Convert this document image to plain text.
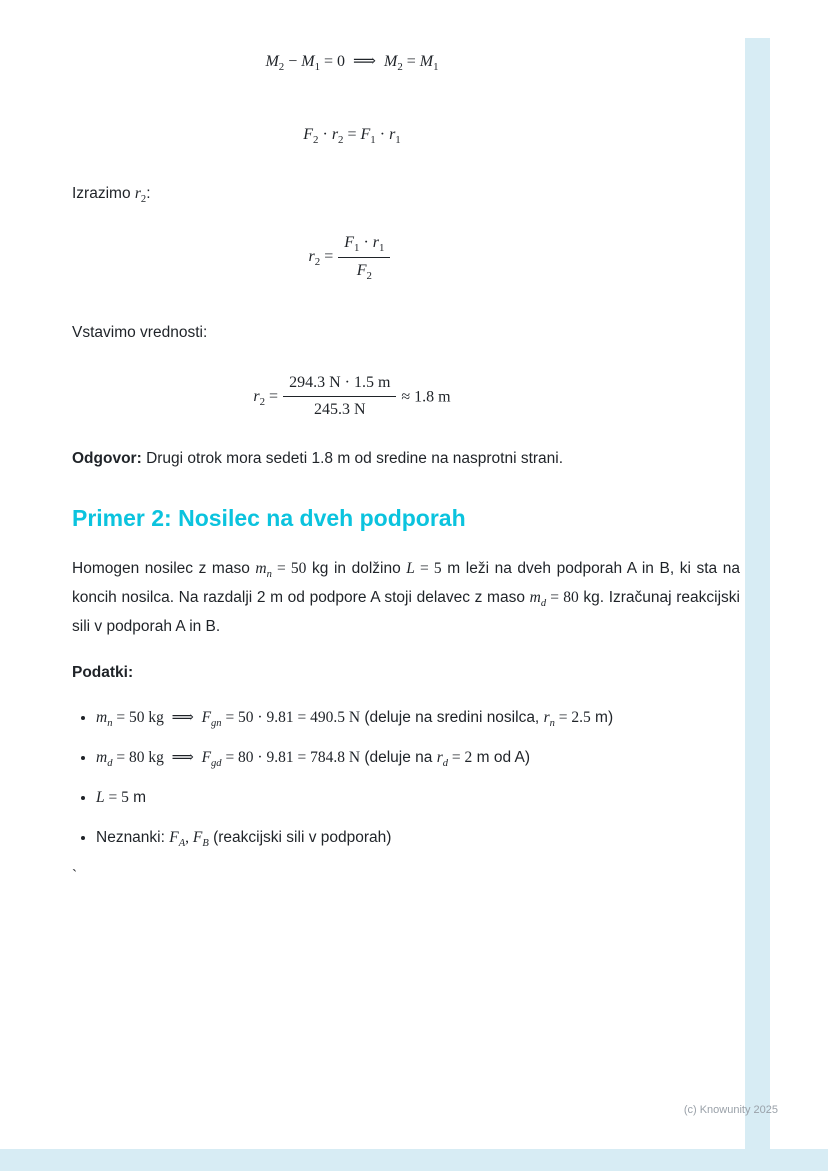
$M_2 - M_1 = 0$ ⟹ $M_2 = M_1$
$F_2 \cdot r_2 = F_1 \cdot r_1$

Izrazimo $r_2$:

$r_2 = \frac{F_1 \cdot r_1}{F_2}$

Vstavimo vrednosti:

$r_2 = \frac{294.3 N \cdot 1.5 m}{245.3 N} \approx 1.8$ m

Odgovor: Drugi otrok mora sedeti 1.8 m od sredine na nasprotni strani.

Primer 2: Nosilec na dveh podporah

Homogen nosilec z maso $m_n = 50$ kg in dolžino L = 5 m leži na dveh podporah A in B, ki sta na koncih nosilca. Na razdalji 2 m od podpore A stoji delavec z maso $m_d = 80$ kg. Izračunaj reakcijski sili v podporah A in B.

Podatki:

• $m_n = 50$ kg ⟹ $F_{gn} = 50 \cdot 9.81 = 490.5$ N (deluje na sredini nosilca, $r_n = 2.5$ m)
• $m_d = 80$ kg ⟹ $F_{gd} = 80 \cdot 9.81 = 784.8$ N (deluje na $r_d = 2$ m od A)
• L = 5 m
• Neznanki: $F_A$, $F_B$ (reakcijski sili v podporah)

`

(c) Knowunity 2025
